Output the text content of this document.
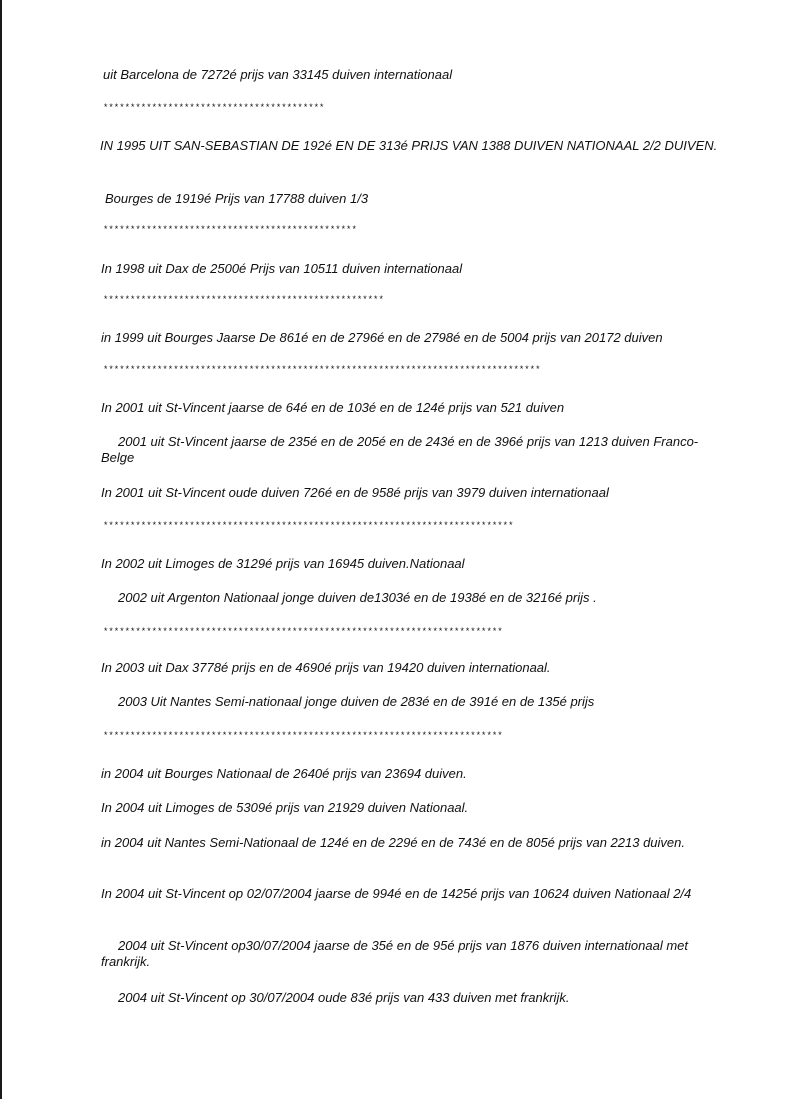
uit Barcelona de 7272é prijs van 33145 duiven internationaal
*****************************************
IN 1995 UIT SAN-SEBASTIAN DE 192é EN DE 313é PRIJS VAN 1388 DUIVEN NATIONAAL 2/2 DUIVEN.
Bourges de 1919é Prijs van 17788 duiven 1/3
***********************************************
In 1998 uit Dax de 2500é Prijs van 10511 duiven internationaal
****************************************************
in 1999 uit Bourges Jaarse De 861é en de 2796é en de 2798é en de 5004 prijs van 20172 duiven
*********************************************************************************
In 2001 uit St-Vincent jaarse de 64é en de 103é en de 124é prijs van 521 duiven
2001 uit St-Vincent jaarse de 235é en de 205é en de 243é en de 396é prijs van 1213 duiven Franco-Belge
In 2001 uit St-Vincent oude duiven 726é en de 958é prijs van 3979 duiven internationaal
****************************************************************************
In 2002 uit Limoges de 3129é prijs van 16945 duiven.Nationaal
2002 uit Argenton Nationaal jonge duiven de1303é en de 1938é en de 3216é prijs .
**************************************************************************
In 2003 uit Dax 3778é prijs en de 4690é prijs van 19420 duiven internationaal.
2003 Uit Nantes Semi-nationaal jonge duiven de 283é en de 391é en de 135é prijs
**************************************************************************
in 2004 uit Bourges Nationaal de 2640é prijs van 23694 duiven.
In 2004 uit Limoges de 5309é prijs van 21929 duiven Nationaal.
in 2004 uit Nantes Semi-Nationaal de 124é en de 229é en de 743é en de 805é prijs van 2213 duiven.
In 2004 uit St-Vincent op 02/07/2004 jaarse de 994é en de 1425é prijs van 10624 duiven Nationaal 2/4
2004 uit St-Vincent op30/07/2004 jaarse de 35é en de 95é prijs van 1876 duiven internationaal met frankrijk.
2004 uit St-Vincent op 30/07/2004 oude 83é prijs van 433 duiven met frankrijk.
